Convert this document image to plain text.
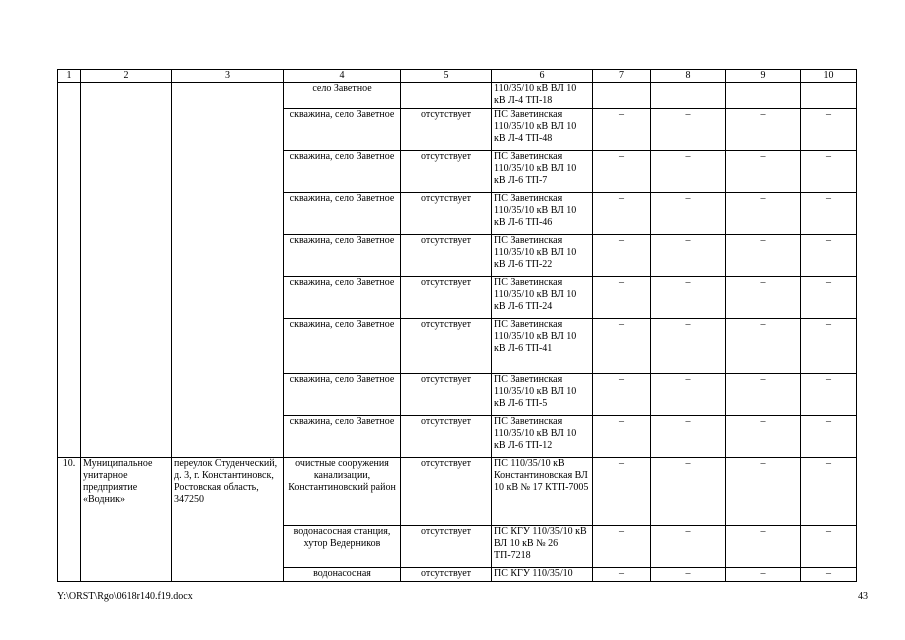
1	2	3	4	5	6	7	8	9	10
			село Заветное		110/35/10 кВ ВЛ 10 кВ Л-4 ТП-18				
			скважина, село Заветное	отсутствует	ПС Заветинская 110/35/10 кВ ВЛ 10 кВ Л-4 ТП-48	–	–	–	–
			скважина, село Заветное	отсутствует	ПС Заветинская 110/35/10 кВ ВЛ 10 кВ Л-6 ТП-7	–	–	–	–
			скважина, село Заветное	отсутствует	ПС Заветинская 110/35/10 кВ ВЛ 10 кВ Л-6 ТП-46	–	–	–	–
			скважина, село Заветное	отсутствует	ПС Заветинская 110/35/10 кВ ВЛ 10 кВ Л-6 ТП-22	–	–	–	–
			скважина, село Заветное	отсутствует	ПС Заветинская 110/35/10 кВ ВЛ 10 кВ Л-6 ТП-24	–	–	–	–
			скважина, село Заветное	отсутствует	ПС Заветинская 110/35/10 кВ ВЛ 10 кВ Л-6 ТП-41	–	–	–	–
			скважина, село Заветное	отсутствует	ПС Заветинская 110/35/10 кВ ВЛ 10 кВ Л-6 ТП-5	–	–	–	–
			скважина, село Заветное	отсутствует	ПС Заветинская 110/35/10 кВ ВЛ 10 кВ Л-6 ТП-12	–	–	–	–
10.	Муниципальное унитарное предприятие «Водник»	переулок Студенческий, д. 3, г. Константиновск, Ростовская область, 347250	очистные сооружения канализации, Константиновский район	отсутствует	ПС 110/35/10 кВ Константиновская ВЛ 10 кВ № 17 КТП-7005	–	–	–	–
			водонасосная станция, хутор Ведерников	отсутствует	ПС КГУ 110/35/10 кВ ВЛ 10 кВ № 26 ТП-7218	–	–	–	–
			водонасосная	отсутствует	ПС КГУ 110/35/10	–	–	–	–
Y:\ORST\Rgo\0618r140.f19.docx	43
